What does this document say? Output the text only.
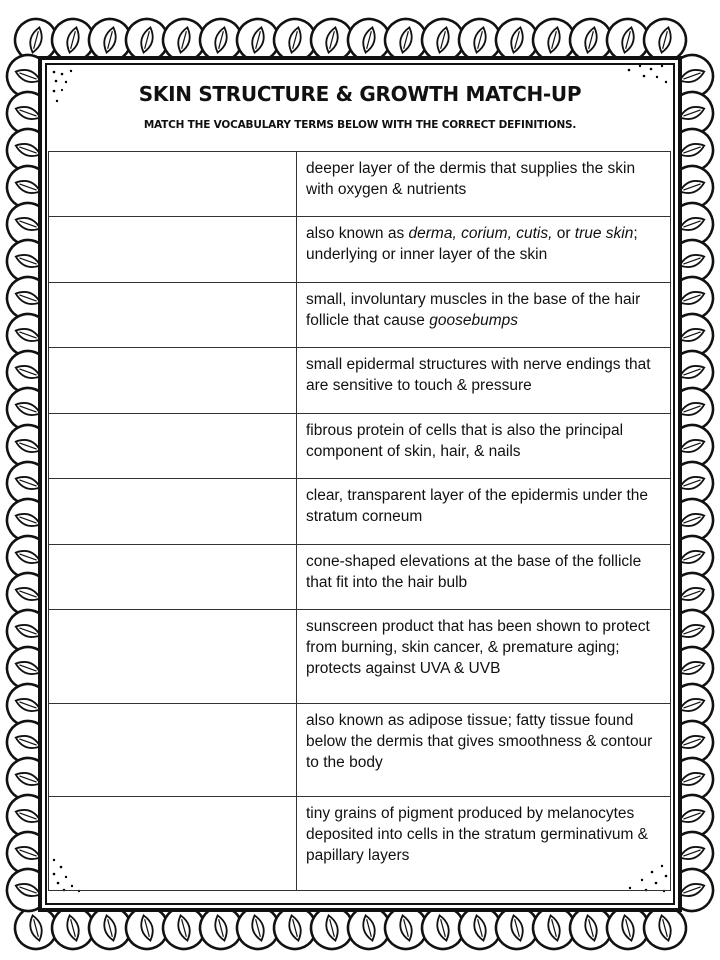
SKIN STRUCTURE & GROWTH MATCH-UP
MATCH THE VOCABULARY TERMS BELOW WITH THE CORRECT DEFINITIONS.
	deeper layer of the dermis that supplies the skin with oxygen & nutrients
	also known as derma, corium, cutis, or true skin; underlying or inner layer of the skin
	small, involuntary muscles in the base of the hair follicle that cause goosebumps
	small epidermal structures with nerve endings that are sensitive to touch & pressure
	fibrous protein of cells that is also the principal component of skin, hair, & nails
	clear, transparent layer of the epidermis under the stratum corneum
	cone-shaped elevations at the base of the follicle that fit into the hair bulb
	sunscreen product that has been shown to protect from burning, skin cancer, & premature aging; protects against UVA & UVB
	also known as adipose tissue; fatty tissue found below the dermis that gives smoothness & contour to the body
	tiny grains of pigment produced by melanocytes deposited into cells in the stratum germinativum & papillary layers
